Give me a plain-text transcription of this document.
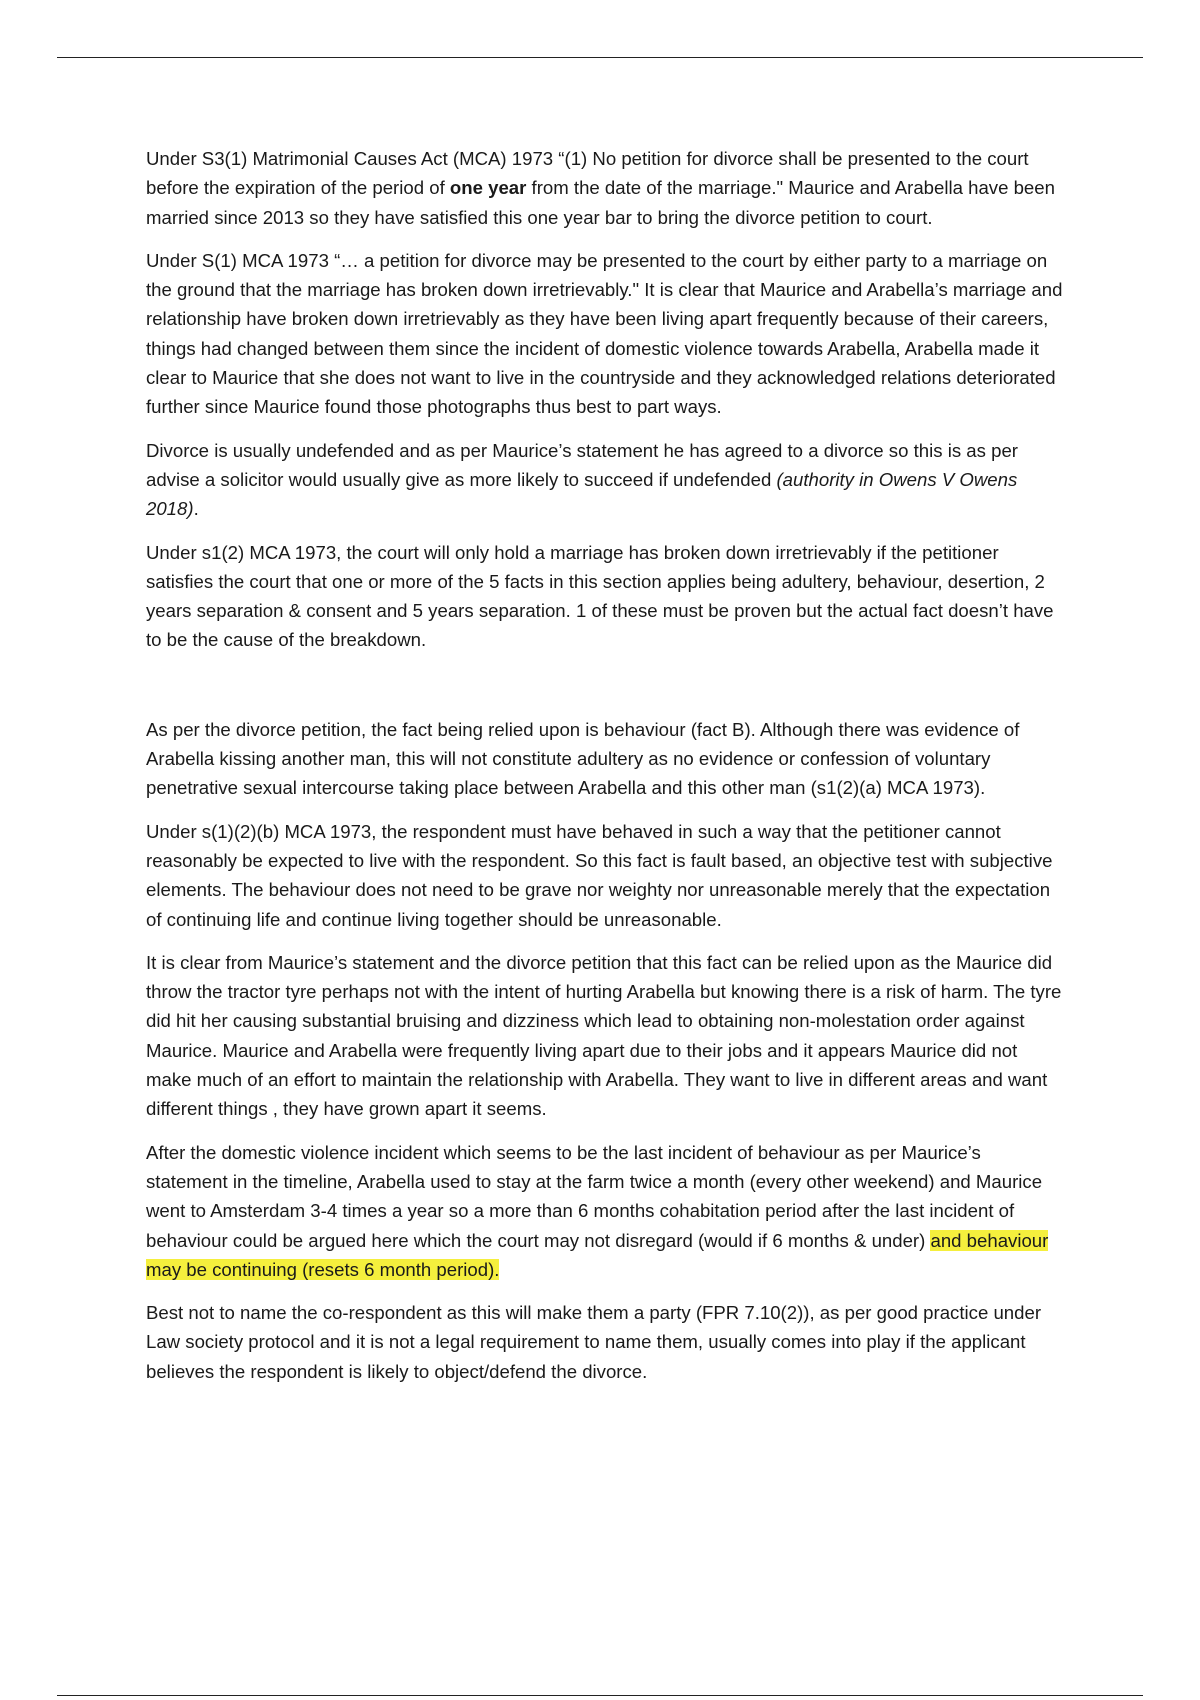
Under S3(1) Matrimonial Causes Act (MCA) 1973 “(1) No petition for divorce shall be presented to the court before the expiration of the period of one year from the date of the marriage." Maurice and Arabella have been married since 2013 so they have satisfied this one year bar to bring the divorce petition to court.

Under S(1) MCA 1973 “… a petition for divorce may be presented to the court by either party to a marriage on the ground that the marriage has broken down irretrievably." It is clear that Maurice and Arabella’s marriage and relationship have broken down irretrievably as they have been living apart frequently because of their careers, things had changed between them since the incident of domestic violence towards Arabella, Arabella made it clear to Maurice that she does not want to live in the countryside and they acknowledged relations deteriorated further since Maurice found those photographs thus best to part ways.

Divorce is usually undefended and as per Maurice’s statement he has agreed to a divorce so this is as per advise a solicitor would usually give as more likely to succeed if undefended (authority in Owens V Owens 2018).

Under s1(2) MCA 1973, the court will only hold a marriage has broken down irretrievably if the petitioner satisfies the court that one or more of the 5 facts in this section applies being adultery, behaviour, desertion, 2 years separation & consent and 5 years separation. 1 of these must be proven but the actual fact doesn’t have to be the cause of the breakdown.

As per the divorce petition, the fact being relied upon is behaviour (fact B). Although there was evidence of Arabella kissing another man, this will not constitute adultery as no evidence or confession of voluntary penetrative sexual intercourse taking place between Arabella and this other man (s1(2)(a) MCA 1973).

Under s(1)(2)(b) MCA 1973, the respondent must have behaved in such a way that the petitioner cannot reasonably be expected to live with the respondent. So this fact is fault based, an objective test with subjective elements. The behaviour does not need to be grave nor weighty nor unreasonable merely that the expectation of continuing life and continue living together should be unreasonable.

It is clear from Maurice’s statement and the divorce petition that this fact can be relied upon as the Maurice did throw the tractor tyre perhaps not with the intent of hurting Arabella but knowing there is a risk of harm. The tyre did hit her causing substantial bruising and dizziness which lead to obtaining non-molestation order against Maurice. Maurice and Arabella were frequently living apart due to their jobs and it appears Maurice did not make much of an effort to maintain the relationship with Arabella. They want to live in different areas and want different things , they have grown apart it seems.

After the domestic violence incident which seems to be the last incident of behaviour as per Maurice’s statement in the timeline, Arabella used to stay at the farm twice a month (every other weekend) and Maurice went to Amsterdam 3-4 times a year so a more than 6 months cohabitation period after the last incident of behaviour could be argued here which the court may not disregard (would if 6 months & under) and behaviour may be continuing (resets 6 month period).

Best not to name the co-respondent as this will make them a party (FPR 7.10(2)), as per good practice under Law society protocol and it is not a legal requirement to name them, usually comes into play if the applicant believes the respondent is likely to object/defend the divorce.
